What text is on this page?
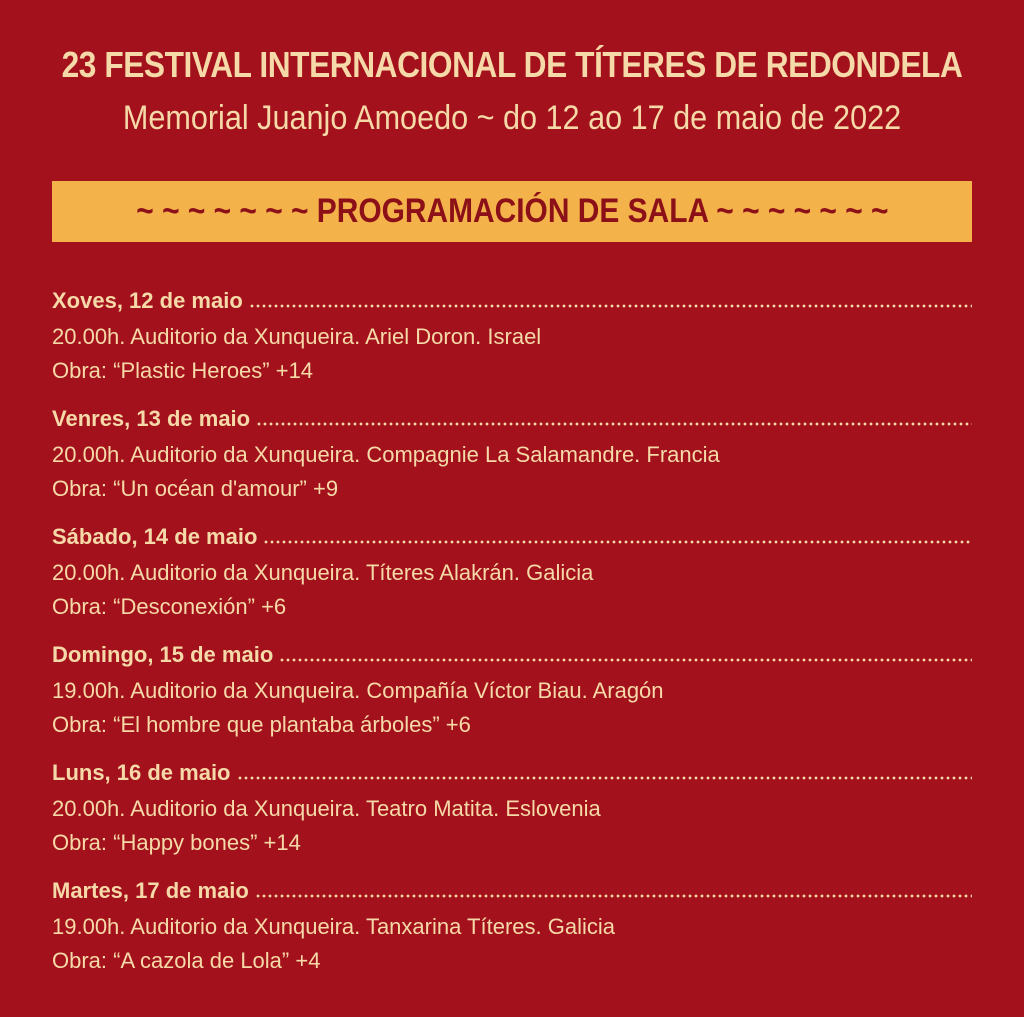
23 FESTIVAL INTERNACIONAL DE TÍTERES DE REDONDELA

Memorial Juanjo Amoedo ~ do 12 ao 17 de maio de 2022

~ ~ ~ ~ ~ ~ ~ PROGRAMACIÓN DE SALA ~ ~ ~ ~ ~ ~ ~
Xoves, 12 de maio
20.00h. Auditorio da Xunqueira. Ariel Doron. Israel
Obra: “Plastic Heroes” +14
Venres, 13 de maio
20.00h. Auditorio da Xunqueira. Compagnie La Salamandre. Francia
Obra: “Un océan d'amour” +9
Sábado, 14 de maio
20.00h. Auditorio da Xunqueira. Títeres Alakrán. Galicia
Obra: “Desconexión” +6
Domingo, 15 de maio
19.00h. Auditorio da Xunqueira. Compañía Víctor Biau. Aragón
Obra: “El hombre que plantaba árboles” +6
Luns, 16 de maio
20.00h. Auditorio da Xunqueira. Teatro Matita. Eslovenia
Obra: “Happy bones” +14
Martes, 17 de maio
19.00h. Auditorio da Xunqueira. Tanxarina Títeres. Galicia
Obra: “A cazola de Lola” +4
